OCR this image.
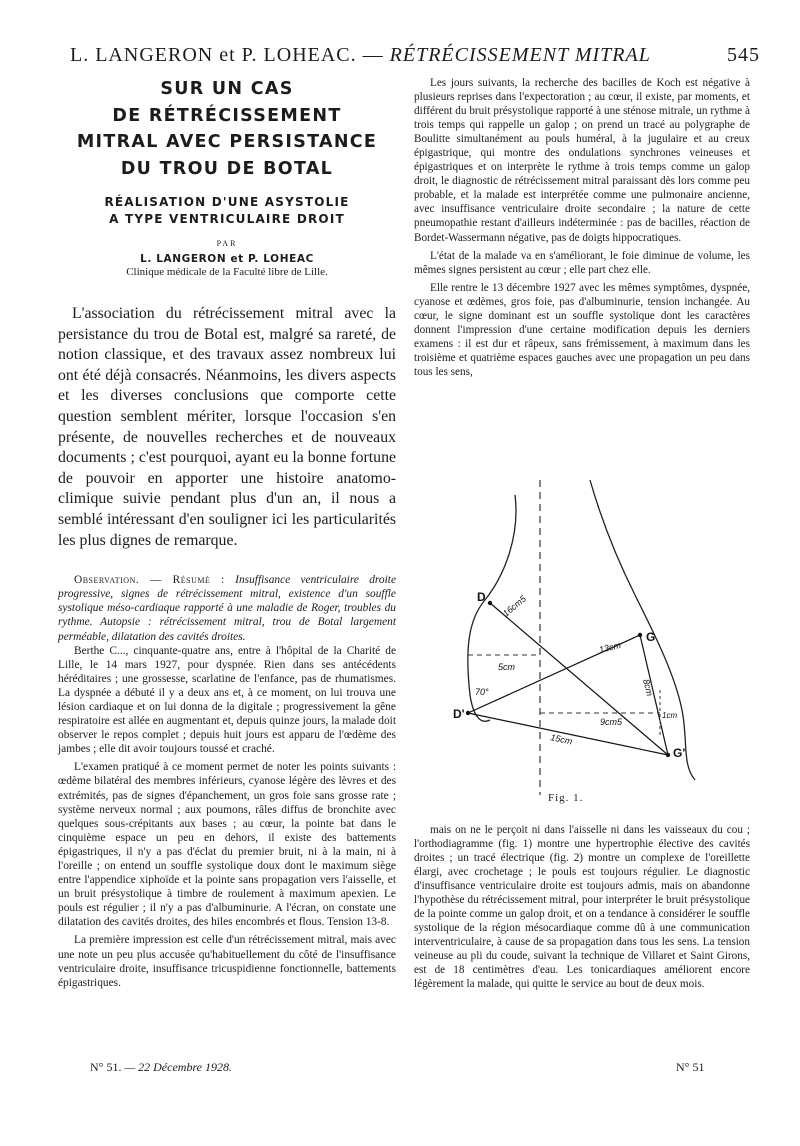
L. LANGERON et P. LOHEAC. — RÉTRÉCISSEMENT MITRAL	545
SUR UN CAS
DE RÉTRÉCISSEMENT
MITRAL AVEC PERSISTANCE
DU TROU DE BOTAL
RÉALISATION D'UNE ASYSTOLIE
A TYPE VENTRICULAIRE DROIT
PAR
L. LANGERON et P. LOHEAC
Clinique médicale de la Faculté libre de Lille.

L'association du rétrécissement mitral avec la persistance du trou de Botal est, malgré sa rareté, de notion classique, et des travaux assez nombreux lui ont été déjà consacrés. Néanmoins, les divers aspects et les diverses conclusions que comporte cette question semblent mériter, lorsque l'occasion s'en présente, de nouvelles recherches et de nouveaux documents ; c'est pourquoi, ayant eu la bonne fortune de pouvoir en apporter une histoire anatomo-climique suivie pendant plus d'un an, il nous a semblé intéressant d'en souligner ici les particularités les plus dignes de remarque.

Observation. — Résumé : Insuffisance ventriculaire droite progressive, signes de rétrécissement mitral, existence d'un souffle systolique méso-cardiaque rapporté à une maladie de Roger, troubles du rythme. Autopsie : rétrécissement mitral, trou de Botal largement perméable, dilatation des cavités droites.

Berthe C..., cinquante-quatre ans, entre à l'hôpital de la Charité de Lille, le 14 mars 1927, pour dyspnée. Rien dans ses antécédents héréditaires ; une grossesse, scarlatine de l'enfance, pas de rhumatismes. La dyspnée a débuté il y a deux ans et, à ce moment, on lui trouva une lésion cardiaque et on lui donna de la digitale ; progressivement la gêne respiratoire est allée en augmentant et, depuis quinze jours, la malade doit observer le repos complet ; depuis huit jours est apparu de l'œdème des jambes ; elle dit avoir toujours toussé et craché.

L'examen pratiqué à ce moment permet de noter les points suivants : œdème bilatéral des membres inférieurs, cyanose légère des lèvres et des extrémités, pas de signes d'épanchement, un gros foie sans grosse rate ; système nerveux normal ; aux poumons, râles diffus de bronchite avec quelques sous-crépitants aux bases ; au cœur, la pointe bat dans le cinquième espace un peu en dehors, il existe des battements épigastriques, il n'y a pas d'éclat du premier bruit, ni à la main, ni à l'oreille ; on entend un souffle systolique doux dont le maximum siège entre l'appendice xiphoïde et la pointe sans propagation vers l'aisselle, et un bruit présystolique à timbre de roulement à maximum apexien. Le pouls est régulier ; il n'y a pas d'albuminurie. A l'écran, on constate une dilatation des cavités droites, des hiles encombrés et flous. Tension 13-8.

La première impression est celle d'un rétrécissement mitral, mais avec une note un peu plus accusée qu'habituellement du côté de l'insuffisance ventriculaire droite, insuffisance tricuspidienne fonctionnelle, battements épigastriques.

Les jours suivants, la recherche des bacilles de Koch est négative à plusieurs reprises dans l'expectoration ; au cœur, il existe, par moments, et différent du bruit présystolique rapporté à une sténose mitrale, un rythme à trois temps qui rappelle un galop ; on prend un tracé au polygraphe de Boulitte simultanément au pouls huméral, à la jugulaire et au creux épigastrique, qui montre des ondulations synchrones veineuses et épigastriques et on interprète le rythme à trois temps comme un galop droit, le diagnostic de rétrécissement mitral paraissant dès lors comme peu probable, et la malade est interprétée comme une pulmonaire ancienne, avec insuffisance ventriculaire droite secondaire ; la nature de cette pneumopathie restant d'ailleurs indéterminée : pas de bacilles, réaction de Bordet-Wassermann négative, pas de doigts hippocratiques.

L'état de la malade va en s'améliorant, le foie diminue de volume, les mêmes signes persistent au cœur ; elle part chez elle.

Elle rentre le 13 décembre 1927 avec les mêmes symptômes, dyspnée, cyanose et œdèmes, gros foie, pas d'albuminurie, tension inchangée. Au cœur, le signe dominant est un souffle systolique dont les caractères donnent l'impression d'une certaine modification depuis les derniers examens : il est dur et râpeux, sans frémissement, à maximum dans les troisième et quatrième espaces gauches avec une propagation un peu dans tous les sens,

D
G
D'
G'
16cm5
13cm
8cm
5cm
70°
9cm5
1cm
15cm
Fig. 1.

mais on ne le perçoit ni dans l'aisselle ni dans les vaisseaux du cou ; l'orthodiagramme (fig. 1) montre une hypertrophie élective des cavités droites ; un tracé électrique (fig. 2) montre un complexe de l'oreillette élargi, avec crochetage ; le pouls est toujours régulier. Le diagnostic d'insuffisance ventriculaire droite est toujours admis, mais on abandonne l'hypothèse du rétrécissement mitral, pour interpréter le bruit présystolique de la pointe comme un galop droit, et on a tendance à considérer le souffle systolique de la région mésocardiaque comme dû à une communication interventriculaire, à cause de sa propagation dans tous les sens. La tension veineuse au pli du coude, suivant la technique de Villaret et Saint Girons, est de 18 centimètres d'eau. Les tonicardiaques améliorent encore légèrement la malade, qui quitte le service au bout de deux mois.

N° 51. — 22 Décembre 1928.	N° 51
